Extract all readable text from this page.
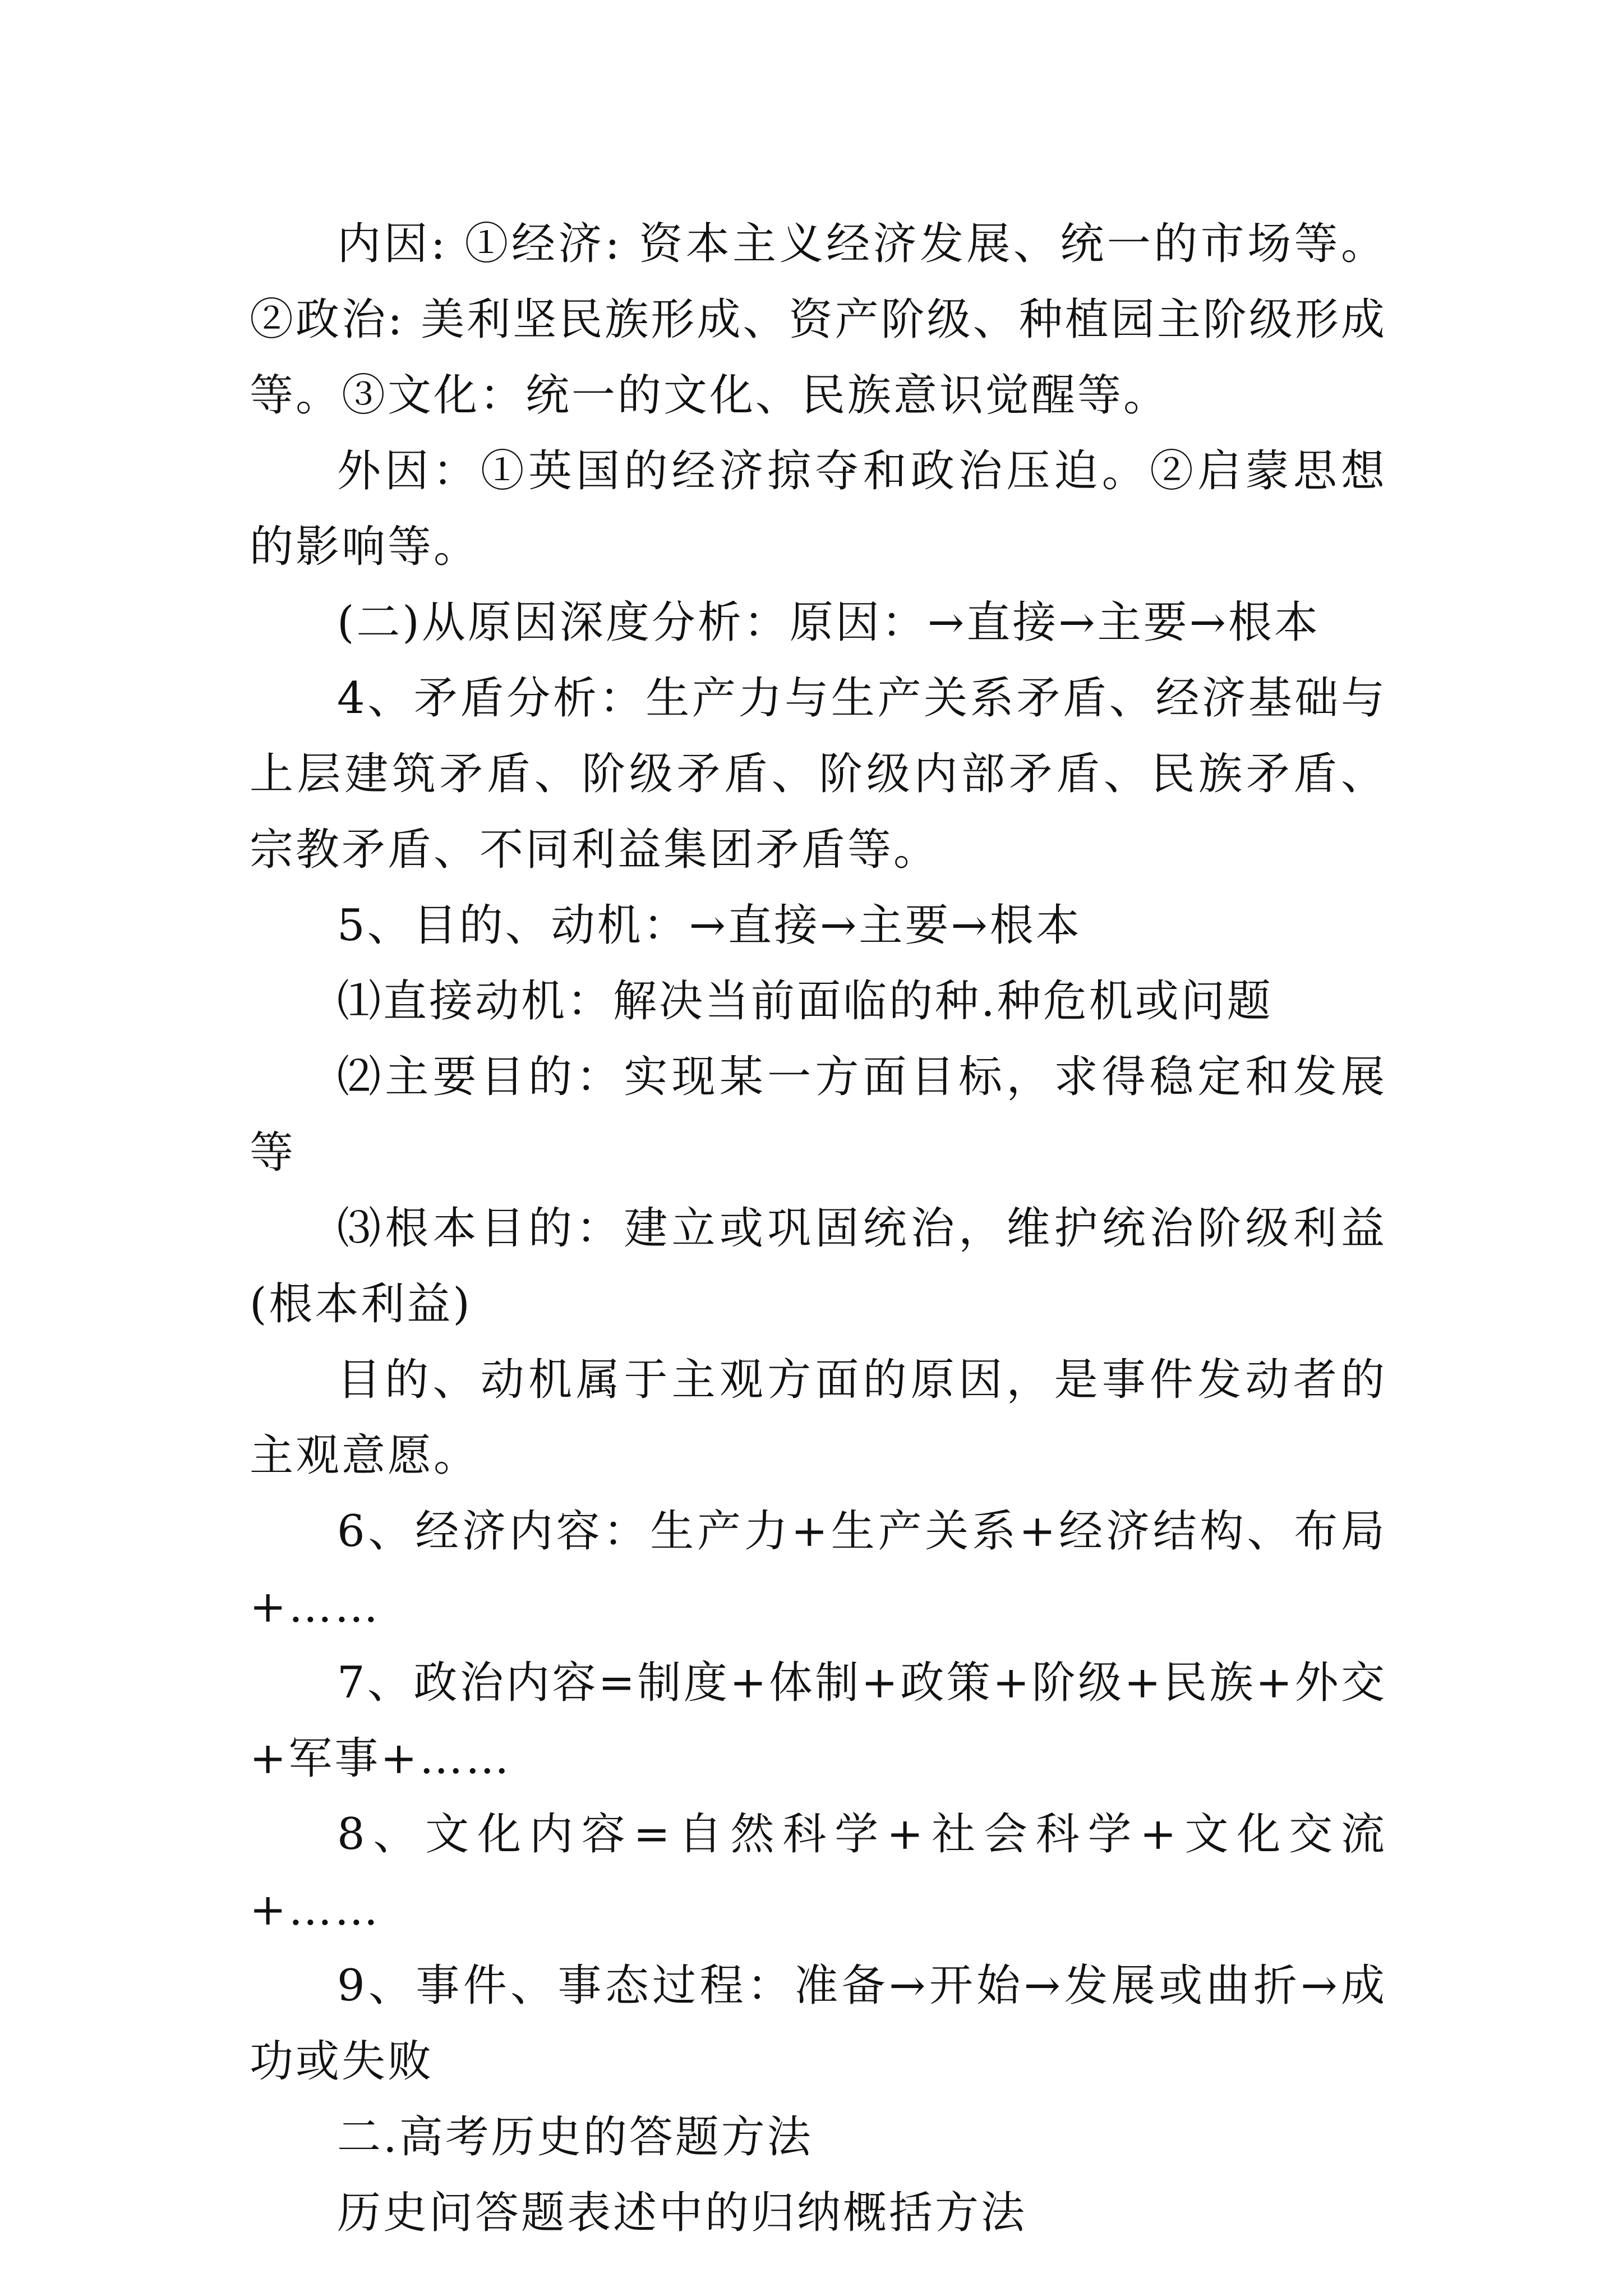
内因: ①经济: 资本主义经济发展、统一的市场等。②政治: 美利坚民族形成、资产阶级、种植园主阶级形成等。③文化：统一的文化、民族意识觉醒等。

外因：①英国的经济掠夺和政治压迫。②启蒙思想的影响等。

(二)从原因深度分析：原因：→直接→主要→根本

4、矛盾分析：生产力与生产关系矛盾、经济基础与上层建筑矛盾、阶级矛盾、阶级内部矛盾、民族矛盾、宗教矛盾、不同利益集团矛盾等。

5、目的、动机：→直接→主要→根本

⑴直接动机：解决当前面临的种.种危机或问题

⑵主要目的：实现某一方面目标，求得稳定和发展等

⑶根本目的：建立或巩固统治，维护统治阶级利益(根本利益)

目的、动机属于主观方面的原因，是事件发动者的主观意愿。

6、经济内容：生产力+生产关系+经济结构、布局+……

7、政治内容=制度+体制+政策+阶级+民族+外交+军事+……

8、文化内容=自然科学+社会科学+文化交流+……

9、事件、事态过程：准备→开始→发展或曲折→成功或失败

二.高考历史的答题方法

历史问答题表述中的归纳概括方法
